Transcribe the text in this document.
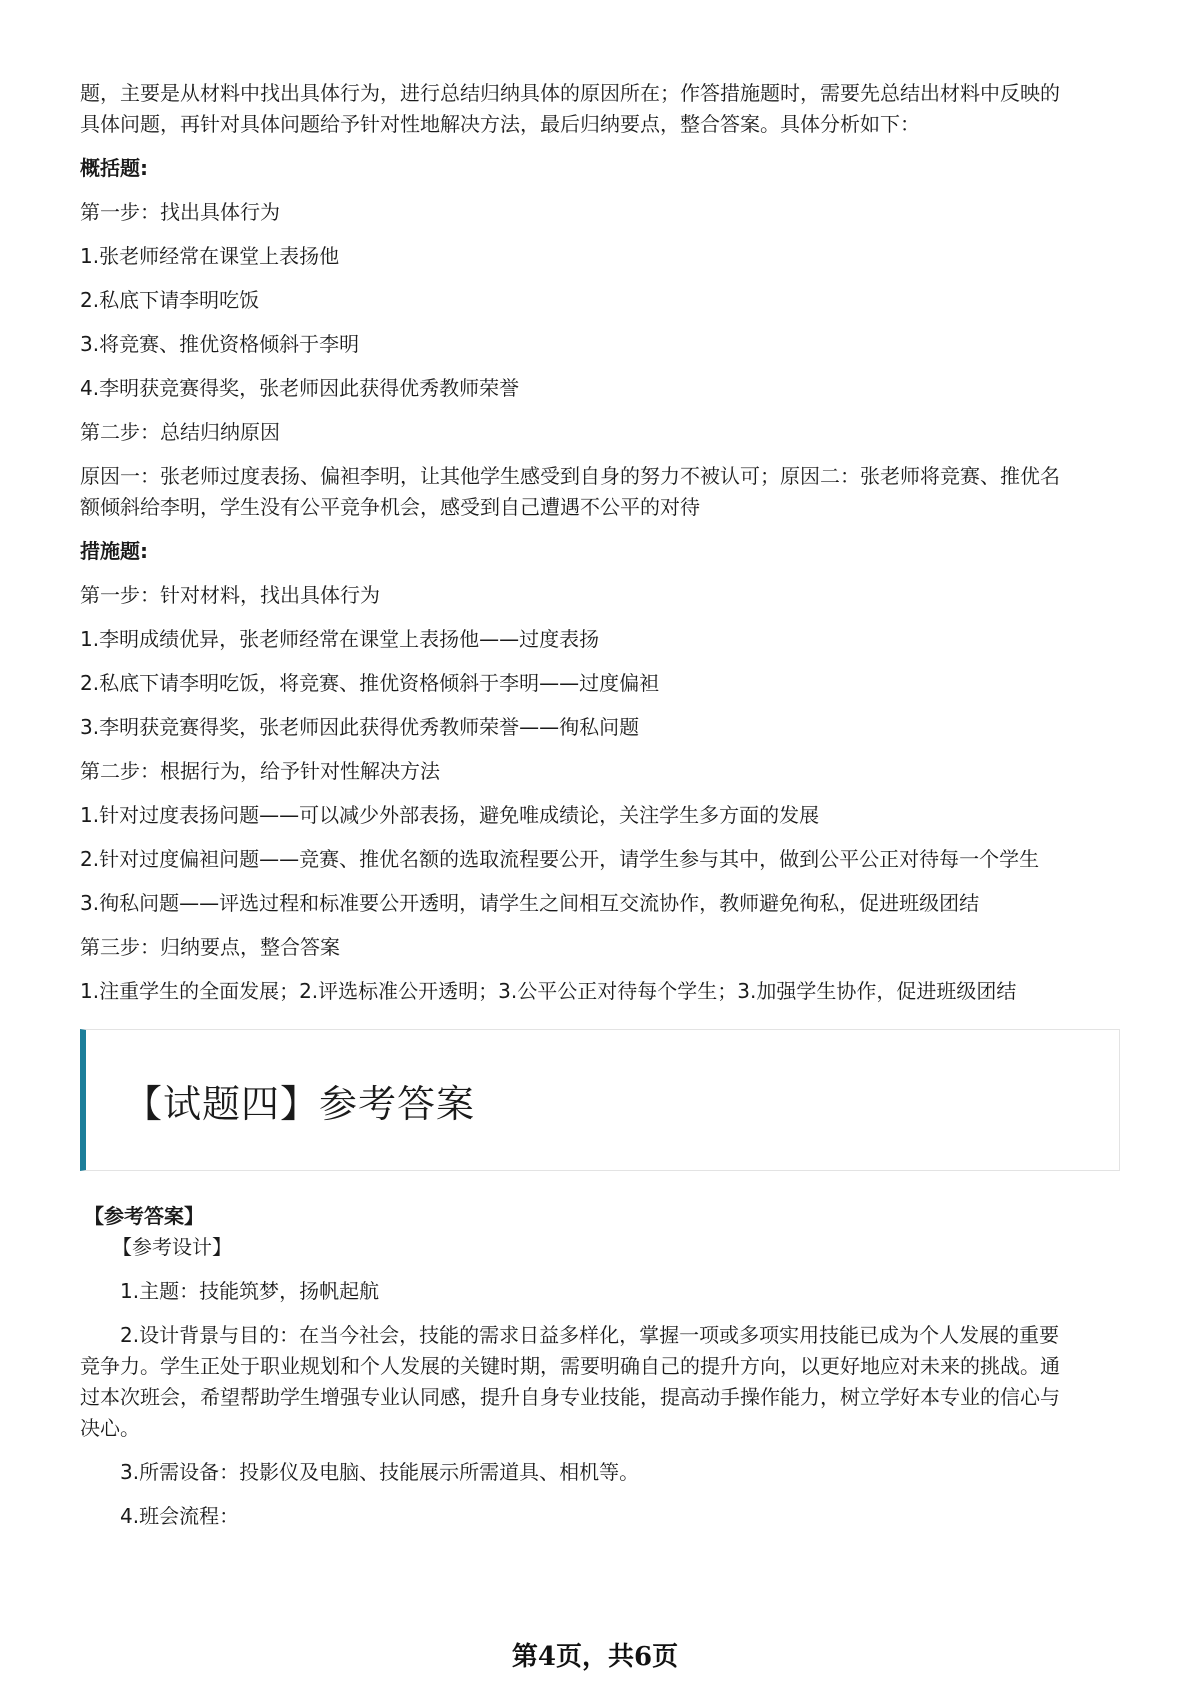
题，主要是从材料中找出具体行为，进行总结归纳具体的原因所在；作答措施题时，需要先总结出材料中反映的

具体问题，再针对具体问题给予针对性地解决方法，最后归纳要点，整合答案。具体分析如下：

概括题:

第一步：找出具体行为

1.张老师经常在课堂上表扬他

2.私底下请李明吃饭

3.将竞赛、推优资格倾斜于李明

4.李明获竞赛得奖，张老师因此获得优秀教师荣誉

第二步：总结归纳原因

原因一：张老师过度表扬、偏袒李明，让其他学生感受到自身的努力不被认可；原因二：张老师将竞赛、推优名

额倾斜给李明，学生没有公平竞争机会，感受到自己遭遇不公平的对待

措施题:

第一步：针对材料，找出具体行为

1.李明成绩优异，张老师经常在课堂上表扬他——过度表扬

2.私底下请李明吃饭，将竞赛、推优资格倾斜于李明——过度偏袒

3.李明获竞赛得奖，张老师因此获得优秀教师荣誉——徇私问题

第二步：根据行为，给予针对性解决方法

1.针对过度表扬问题——可以减少外部表扬，避免唯成绩论，关注学生多方面的发展

2.针对过度偏袒问题——竞赛、推优名额的选取流程要公开，请学生参与其中，做到公平公正对待每一个学生

3.徇私问题——评选过程和标准要公开透明，请学生之间相互交流协作，教师避免徇私，促进班级团结

第三步：归纳要点，整合答案

1.注重学生的全面发展；2.评选标准公开透明；3.公平公正对待每个学生；3.加强学生协作，促进班级团结

【试题四】参考答案

【参考答案】

【参考设计】

1.主题：技能筑梦，扬帆起航

2.设计背景与目的：在当今社会，技能的需求日益多样化，掌握一项或多项实用技能已成为个人发展的重要

竞争力。学生正处于职业规划和个人发展的关键时期，需要明确自己的提升方向，以更好地应对未来的挑战。通

过本次班会，希望帮助学生增强专业认同感，提升自身专业技能，提高动手操作能力，树立学好本专业的信心与

决心。

3.所需设备：投影仪及电脑、技能展示所需道具、相机等。

4.班会流程：

第4页，共6页
